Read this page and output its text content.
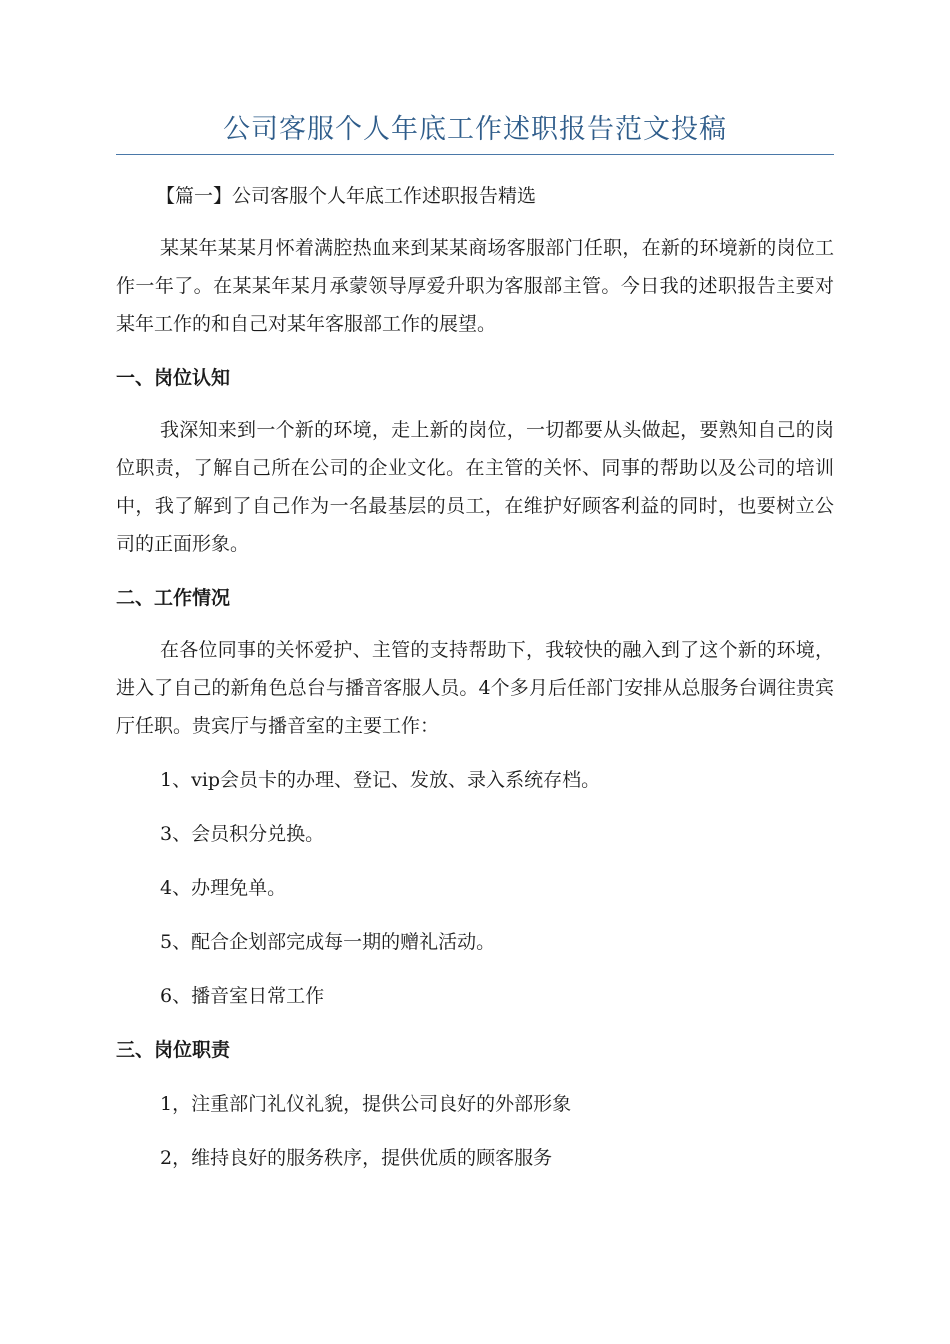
公司客服个人年底工作述职报告范文投稿

【篇一】公司客服个人年底工作述职报告精选

某某年某某月怀着满腔热血来到某某商场客服部门任职，在新的环境新的岗位工作一年了。在某某年某月承蒙领导厚爱升职为客服部主管。今日我的述职报告主要对某年工作的和自己对某年客服部工作的展望。

一、岗位认知

我深知来到一个新的环境，走上新的岗位，一切都要从头做起，要熟知自己的岗位职责，了解自己所在公司的企业文化。在主管的关怀、同事的帮助以及公司的培训中，我了解到了自己作为一名最基层的员工，在维护好顾客利益的同时，也要树立公司的正面形象。

二、工作情况

在各位同事的关怀爱护、主管的支持帮助下，我较快的融入到了这个新的环境，进入了自己的新角色总台与播音客服人员。4个多月后任部门安排从总服务台调往贵宾厅任职。贵宾厅与播音室的主要工作：

1、vip会员卡的办理、登记、发放、录入系统存档。

3、会员积分兑换。

4、办理免单。

5、配合企划部完成每一期的赠礼活动。

6、播音室日常工作

三、岗位职责

1，注重部门礼仪礼貌，提供公司良好的外部形象

2，维持良好的服务秩序，提供优质的顾客服务
